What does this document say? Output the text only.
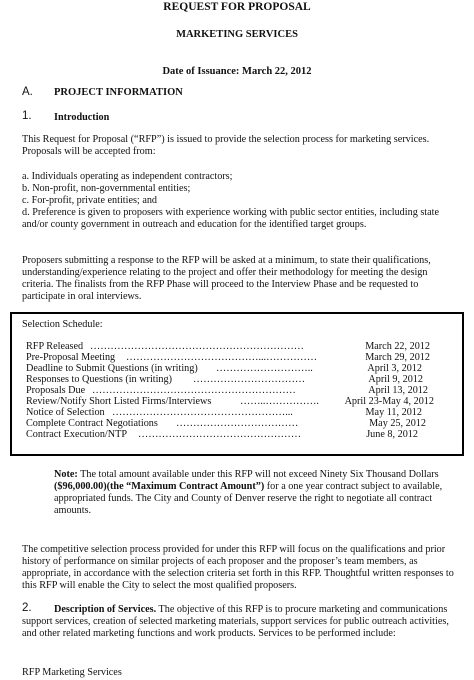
REQUEST FOR PROPOSAL
MARKETING SERVICES
Date of Issuance: March 22, 2012
A. PROJECT INFORMATION
1. Introduction
This Request for Proposal (“RFP”) is issued to provide the selection process for marketing services.
Proposals will be accepted from:
a. Individuals operating as independent contractors;
b. Non-profit, non-governmental entities;
c. For-profit, private entities; and
d. Preference is given to proposers with experience working with public sector entities, including state
and/or county government in outreach and education for the identified target groups.
Proposers submitting a response to the RFP will be asked at a minimum, to state their qualifications,
understanding/experience relating to the project and offer their methodology for meeting the design
criteria. The finalists from the RFP Phase will proceed to the Interview Phase and be requested to
participate in oral interviews.
Selection Schedule:
RFP Released ………………………………………………………	March 22, 2012
Pre-Proposal Meeting …………………………………...……………	March 29, 2012
Deadline to Submit Questions (in writing) ………………………..	April 3, 2012
Responses to Questions (in writing) ……………………………	April 9, 2012
Proposals Due ……………………………………………………	April 13, 2012
Review/Notify Short Listed Firms/Interviews	……..…………….	April 23-May 4, 2012
Notice of Selection ……………………………………………...	May 11, 2012
Complete Contract Negotiations ………………………………	May 25, 2012
Contract Execution/NTP …………………………………………	June 8, 2012
Note: The total amount available under this RFP will not exceed Ninety Six Thousand Dollars
($96,000.00)(the “Maximum Contract Amount”) for a one year contract subject to available,
appropriated funds. The City and County of Denver reserve the right to negotiate all contract
amounts.
The competitive selection process provided for under this RFP will focus on the qualifications and prior
history of performance on similar projects of each proposer and the proposer’s team members, as
appropriate, in accordance with the selection criteria set forth in this RFP. Thoughtful written responses to
this RFP will enable the City to select the most qualified proposers.
2. Description of Services. The objective of this RFP is to procure marketing and communications
support services, creation of selected marketing materials, support services for public outreach activities,
and other related marketing functions and work products. Services to be performed include:
RFP Marketing Services
